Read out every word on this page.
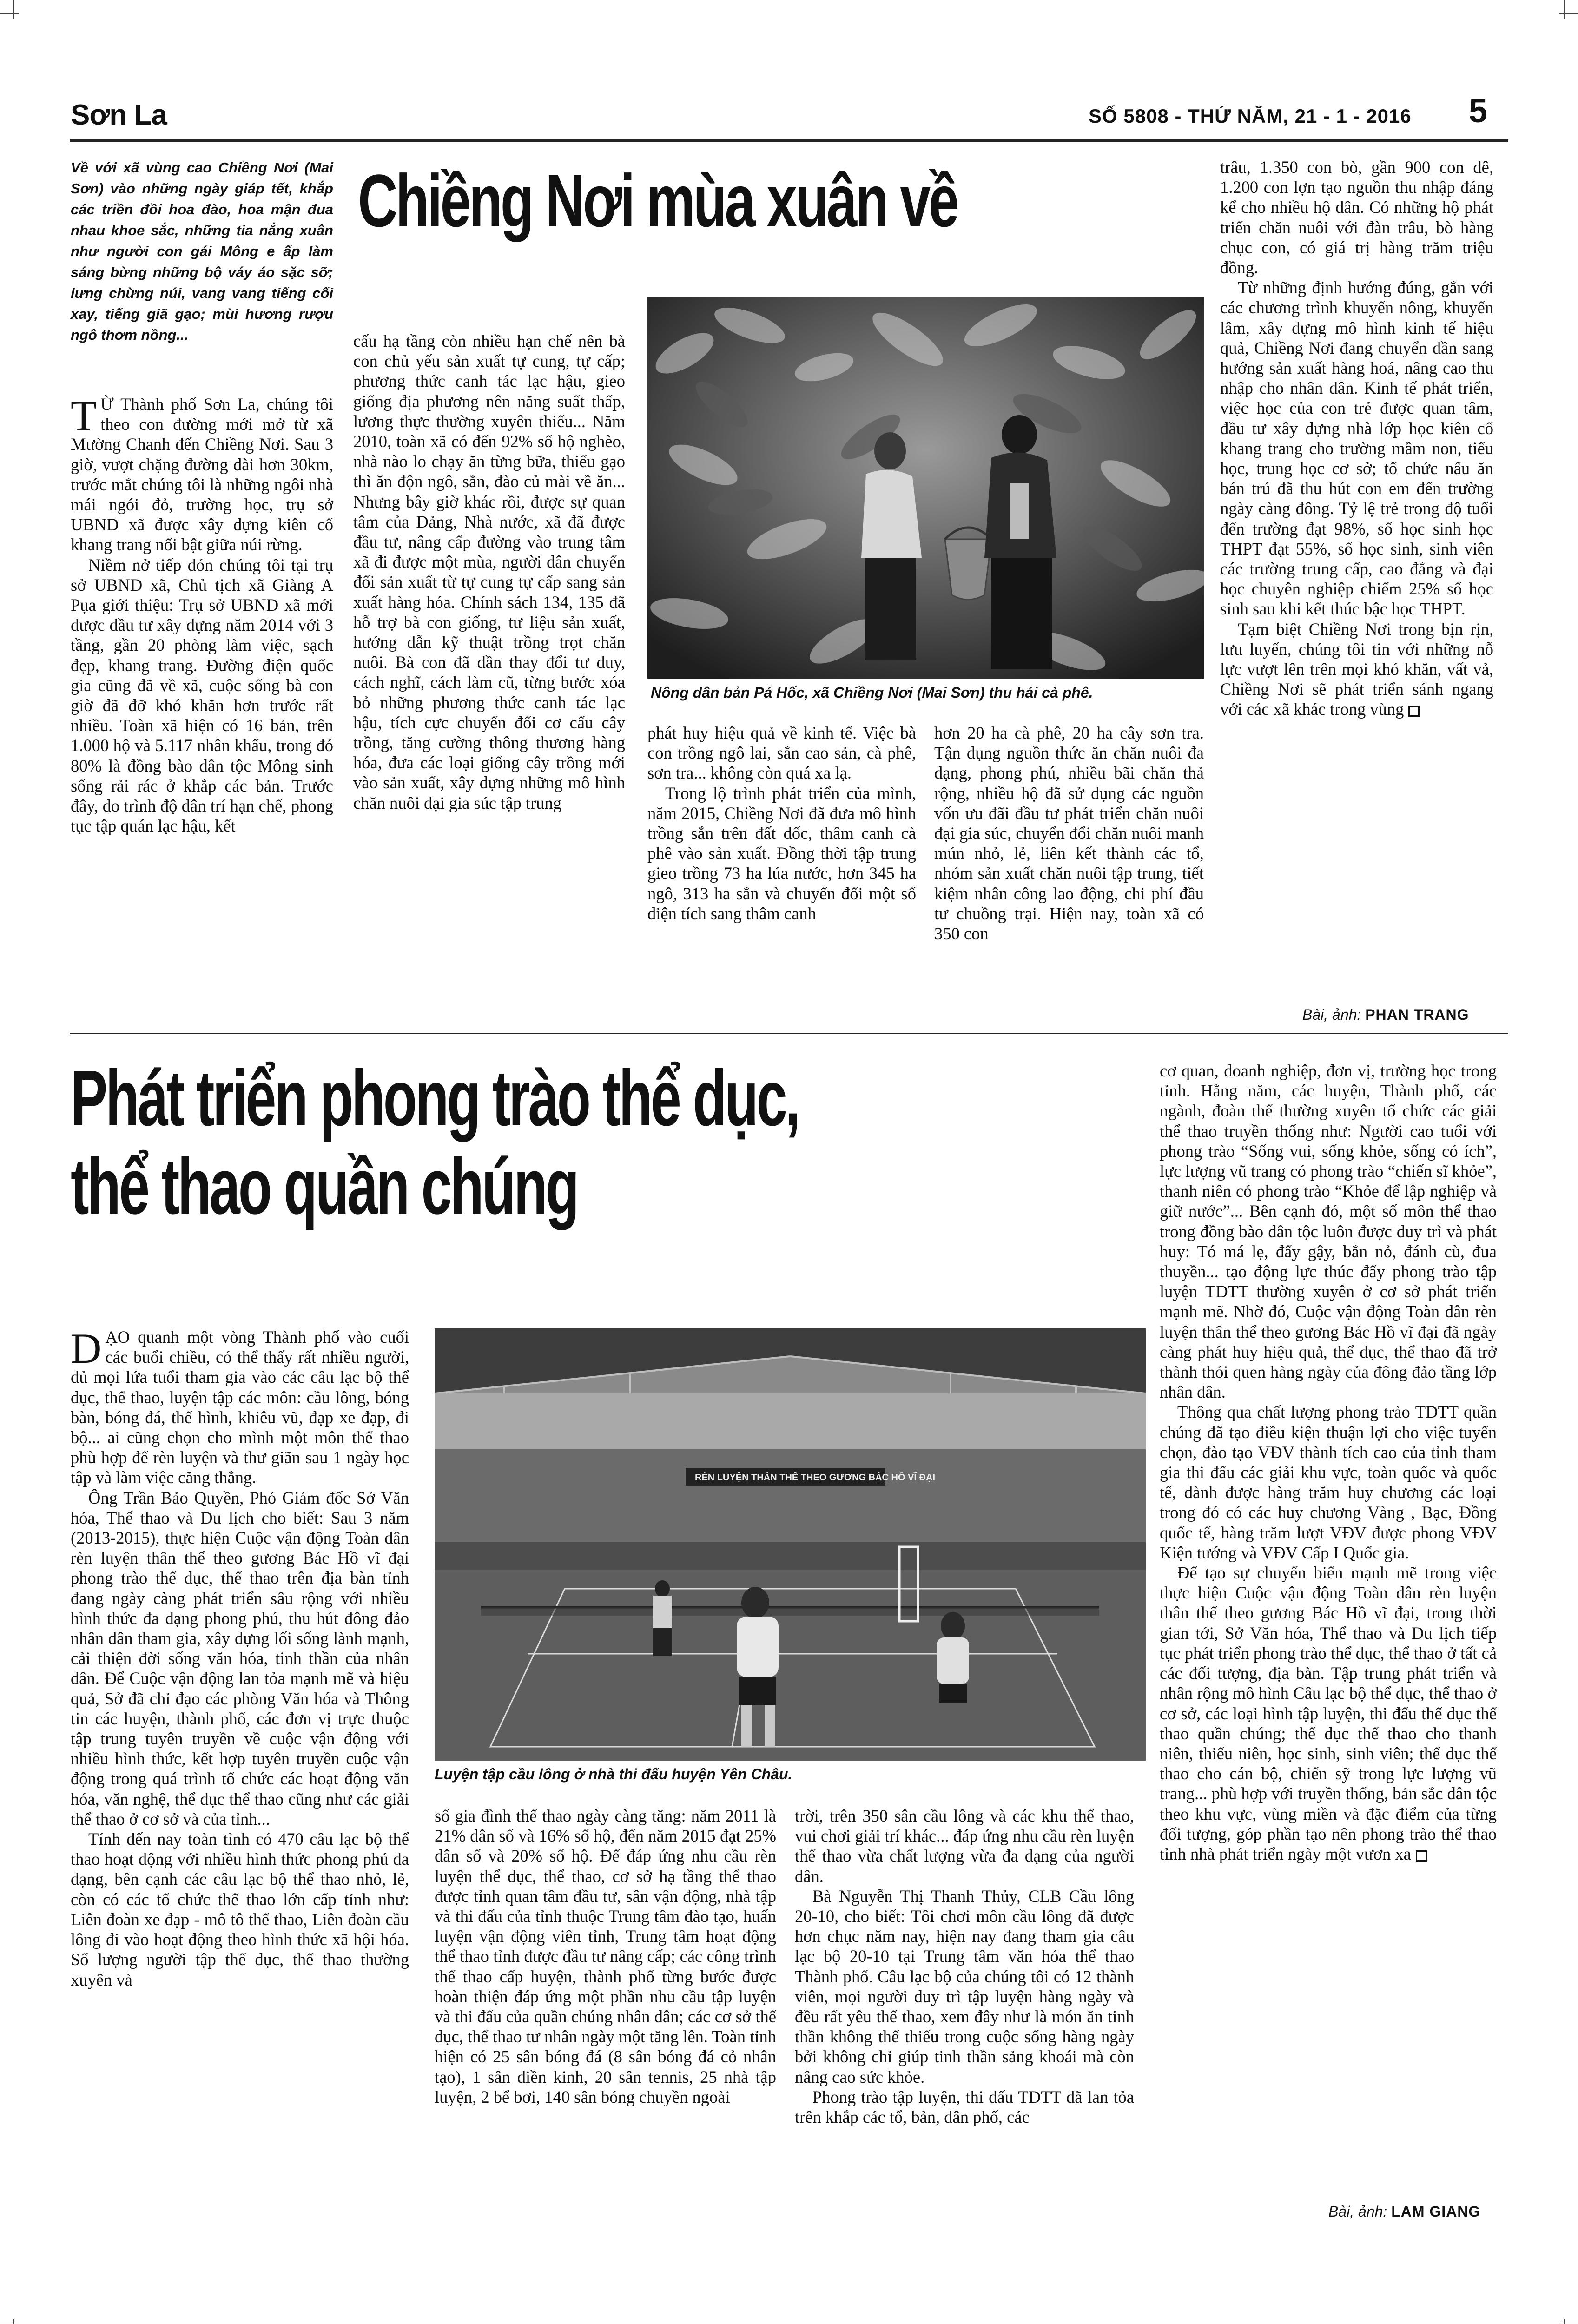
Sơn La	SỐ 5808 - THỨ NĂM, 21 - 1 - 2016 5
Về với xã vùng cao Chiềng Nơi (Mai Sơn) vào những ngày giáp tết, khắp các triền đồi hoa đào, hoa mận đua nhau khoe sắc, những tia nắng xuân như người con gái Mông e ấp làm sáng bừng những bộ váy áo sặc sỡ; lưng chừng núi, vang vang tiếng cối xay, tiếng giã gạo; mùi hương rượu ngô thơm nồng...
Chiềng Nơi mùa xuân về

T Ừ Thành phố Sơn La, chúng tôi theo con đường mới mở từ xã Mường Chanh đến Chiềng Nơi. Sau 3 giờ, vượt chặng đường dài hơn 30km, trước mắt chúng tôi là những ngôi nhà mái ngói đỏ, trường học, trụ sở UBND xã được xây dựng kiên cố khang trang nổi bật giữa núi rừng.

Niềm nở tiếp đón chúng tôi tại trụ sở UBND xã, Chủ tịch xã Giàng A Pụa giới thiệu: Trụ sở UBND xã mới được đầu tư xây dựng năm 2014 với 3 tầng, gần 20 phòng làm việc, sạch đẹp, khang trang. Đường điện quốc gia cũng đã về xã, cuộc sống bà con giờ đã đỡ khó khăn hơn trước rất nhiều. Toàn xã hiện có 16 bản, trên 1.000 hộ và 5.117 nhân khẩu, trong đó 80% là đồng bào dân tộc Mông sinh sống rải rác ở khắp các bản. Trước đây, do trình độ dân trí hạn chế, phong tục tập quán lạc hậu, kết

cấu hạ tầng còn nhiều hạn chế nên bà con chủ yếu sản xuất tự cung, tự cấp; phương thức canh tác lạc hậu, gieo giống địa phương nên năng suất thấp, lương thực thường xuyên thiếu... Năm 2010, toàn xã có đến 92% số hộ nghèo, nhà nào lo chạy ăn từng bữa, thiếu gạo thì ăn độn ngô, sắn, đào củ mài về ăn... Nhưng bây giờ khác rồi, được sự quan tâm của Đảng, Nhà nước, xã đã được đầu tư, nâng cấp đường vào trung tâm xã đi được một mùa, người dân chuyển đổi sản xuất từ tự cung tự cấp sang sản xuất hàng hóa. Chính sách 134, 135 đã hỗ trợ bà con giống, tư liệu sản xuất, hướng dẫn kỹ thuật trồng trọt chăn nuôi. Bà con đã dần thay đổi tư duy, cách nghĩ, cách làm cũ, từng bước xóa bỏ những phương thức canh tác lạc hậu, tích cực chuyển đổi cơ cấu cây trồng, tăng cường thông thương hàng hóa, đưa các loại giống cây trồng mới vào sản xuất, xây dựng những mô hình chăn nuôi đại gia súc tập trung

Nông dân bản Pá Hốc, xã Chiềng Nơi (Mai Sơn) thu hái cà phê.

phát huy hiệu quả về kinh tế. Việc bà con trồng ngô lai, sắn cao sản, cà phê, sơn tra... không còn quá xa lạ.

Trong lộ trình phát triển của mình, năm 2015, Chiềng Nơi đã đưa mô hình trồng sắn trên đất dốc, thâm canh cà phê vào sản xuất. Đồng thời tập trung gieo trồng 73 ha lúa nước, hơn 345 ha ngô, 313 ha sắn và chuyển đổi một số diện tích sang thâm canh

hơn 20 ha cà phê, 20 ha cây sơn tra. Tận dụng nguồn thức ăn chăn nuôi đa dạng, phong phú, nhiều bãi chăn thả rộng, nhiều hộ đã sử dụng các nguồn vốn ưu đãi đầu tư phát triển chăn nuôi đại gia súc, chuyển đổi chăn nuôi manh mún nhỏ, lẻ, liên kết thành các tổ, nhóm sản xuất chăn nuôi tập trung, tiết kiệm nhân công lao động, chi phí đầu tư chuồng trại. Hiện nay, toàn xã có 350 con

trâu, 1.350 con bò, gần 900 con dê, 1.200 con lợn tạo nguồn thu nhập đáng kể cho nhiều hộ dân. Có những hộ phát triển chăn nuôi với đàn trâu, bò hàng chục con, có giá trị hàng trăm triệu đồng.

Từ những định hướng đúng, gắn với các chương trình khuyến nông, khuyến lâm, xây dựng mô hình kinh tế hiệu quả, Chiềng Nơi đang chuyển dần sang hướng sản xuất hàng hoá, nâng cao thu nhập cho nhân dân. Kinh tế phát triển, việc học của con trẻ được quan tâm, đầu tư xây dựng nhà lớp học kiên cố khang trang cho trường mầm non, tiểu học, trung học cơ sở; tổ chức nấu ăn bán trú đã thu hút con em đến trường ngày càng đông. Tỷ lệ trẻ trong độ tuổi đến trường đạt 98%, số học sinh học THPT đạt 55%, số học sinh, sinh viên các trường trung cấp, cao đẳng và đại học chuyên nghiệp chiếm 25% số học sinh sau khi kết thúc bậc học THPT.

Tạm biệt Chiềng Nơi trong bịn rịn, lưu luyến, chúng tôi tin với những nỗ lực vượt lên trên mọi khó khăn, vất vả, Chiềng Nơi sẽ phát triển sánh ngang với các xã khác trong vùng

Bài, ảnh: PHAN TRANG
Phát triển phong trào thể dục,
thể thao quần chúng

DẠO quanh một vòng Thành phố vào cuối các buổi chiều, có thể thấy rất nhiều người, đủ mọi lứa tuổi tham gia vào các câu lạc bộ thể dục, thể thao, luyện tập các môn: cầu lông, bóng bàn, bóng đá, thể hình, khiêu vũ, đạp xe đạp, đi bộ... ai cũng chọn cho mình một môn thể thao phù hợp để rèn luyện và thư giãn sau 1 ngày học tập và làm việc căng thẳng.

Ông Trần Bảo Quyền, Phó Giám đốc Sở Văn hóa, Thể thao và Du lịch cho biết: Sau 3 năm (2013-2015), thực hiện Cuộc vận động Toàn dân rèn luyện thân thể theo gương Bác Hồ vĩ đại phong trào thể dục, thể thao trên địa bàn tỉnh đang ngày càng phát triển sâu rộng với nhiều hình thức đa dạng phong phú, thu hút đông đảo nhân dân tham gia, xây dựng lối sống lành mạnh, cải thiện đời sống văn hóa, tinh thần của nhân dân. Để Cuộc vận động lan tỏa mạnh mẽ và hiệu quả, Sở đã chỉ đạo các phòng Văn hóa và Thông tin các huyện, thành phố, các đơn vị trực thuộc tập trung tuyên truyền về cuộc vận động với nhiều hình thức, kết hợp tuyên truyền cuộc vận động trong quá trình tổ chức các hoạt động văn hóa, văn nghệ, thể dục thể thao cũng như các giải thể thao ở cơ sở và của tỉnh...

Tính đến nay toàn tỉnh có 470 câu lạc bộ thể thao hoạt động với nhiều hình thức phong phú đa dạng, bên cạnh các câu lạc bộ thể thao nhỏ, lẻ, còn có các tổ chức thể thao lớn cấp tỉnh như: Liên đoàn xe đạp - mô tô thể thao, Liên đoàn cầu lông đi vào hoạt động theo hình thức xã hội hóa. Số lượng người tập thể dục, thể thao thường xuyên và

RÈN LUYỆN THÂN THỂ THEO GƯƠNG BÁC HỒ VĨ ĐẠI
Luyện tập cầu lông ở nhà thi đấu huyện Yên Châu.

số gia đình thể thao ngày càng tăng: năm 2011 là 21% dân số và 16% số hộ, đến năm 2015 đạt 25% dân số và 20% số hộ. Để đáp ứng nhu cầu rèn luyện thể dục, thể thao, cơ sở hạ tầng thể thao được tỉnh quan tâm đầu tư, sân vận động, nhà tập và thi đấu của tỉnh thuộc Trung tâm đào tạo, huấn luyện vận động viên tỉnh, Trung tâm hoạt động thể thao tỉnh được đầu tư nâng cấp; các công trình thể thao cấp huyện, thành phố từng bước được hoàn thiện đáp ứng một phần nhu cầu tập luyện và thi đấu của quần chúng nhân dân; các cơ sở thể dục, thể thao tư nhân ngày một tăng lên. Toàn tỉnh hiện có 25 sân bóng đá (8 sân bóng đá cỏ nhân tạo), 1 sân điền kinh, 20 sân tennis, 25 nhà tập luyện, 2 bể bơi, 140 sân bóng chuyền ngoài

trời, trên 350 sân cầu lông và các khu thể thao, vui chơi giải trí khác... đáp ứng nhu cầu rèn luyện thể thao vừa chất lượng vừa đa dạng của người dân.

Bà Nguyễn Thị Thanh Thủy, CLB Cầu lông 20-10, cho biết: Tôi chơi môn cầu lông đã được hơn chục năm nay, hiện nay đang tham gia câu lạc bộ 20-10 tại Trung tâm văn hóa thể thao Thành phố. Câu lạc bộ của chúng tôi có 12 thành viên, mọi người duy trì tập luyện hàng ngày và đều rất yêu thể thao, xem đây như là món ăn tinh thần không thể thiếu trong cuộc sống hàng ngày bởi không chỉ giúp tinh thần sảng khoái mà còn nâng cao sức khỏe.

Phong trào tập luyện, thi đấu TDTT đã lan tỏa trên khắp các tổ, bản, dân phố, các

cơ quan, doanh nghiệp, đơn vị, trường học trong tỉnh. Hằng năm, các huyện, Thành phố, các ngành, đoàn thể thường xuyên tổ chức các giải thể thao truyền thống như: Người cao tuổi với phong trào “Sống vui, sống khỏe, sống có ích”, lực lượng vũ trang có phong trào “chiến sĩ khỏe”, thanh niên có phong trào “Khỏe để lập nghiệp và giữ nước”... Bên cạnh đó, một số môn thể thao trong đồng bào dân tộc luôn được duy trì và phát huy: Tó má lẹ, đẩy gậy, bắn nỏ, đánh cù, đua thuyền... tạo động lực thúc đẩy phong trào tập luyện TDTT thường xuyên ở cơ sở phát triển mạnh mẽ. Nhờ đó, Cuộc vận động Toàn dân rèn luyện thân thể theo gương Bác Hồ vĩ đại đã ngày càng phát huy hiệu quả, thể dục, thể thao đã trở thành thói quen hàng ngày của đông đảo tầng lớp nhân dân.

Thông qua chất lượng phong trào TDTT quần chúng đã tạo điều kiện thuận lợi cho việc tuyển chọn, đào tạo VĐV thành tích cao của tỉnh tham gia thi đấu các giải khu vực, toàn quốc và quốc tế, dành được hàng trăm huy chương các loại trong đó có các huy chương Vàng , Bạc, Đồng quốc tế, hàng trăm lượt VĐV được phong VĐV Kiện tướng và VĐV Cấp I Quốc gia.

Để tạo sự chuyển biến mạnh mẽ trong việc thực hiện Cuộc vận động Toàn dân rèn luyện thân thể theo gương Bác Hồ vĩ đại, trong thời gian tới, Sở Văn hóa, Thể thao và Du lịch tiếp tục phát triển phong trào thể dục, thể thao ở tất cả các đối tượng, địa bàn. Tập trung phát triển và nhân rộng mô hình Câu lạc bộ thể dục, thể thao ở cơ sở, các loại hình tập luyện, thi đấu thể dục thể thao quần chúng; thể dục thể thao cho thanh niên, thiếu niên, học sinh, sinh viên; thể dục thể thao cho cán bộ, chiến sỹ trong lực lượng vũ trang... phù hợp với truyền thống, bản sắc dân tộc theo khu vực, vùng miền và đặc điểm của từng đối tượng, góp phần tạo nên phong trào thể thao tỉnh nhà phát triển ngày một vươn xa

Bài, ảnh: LAM GIANG
